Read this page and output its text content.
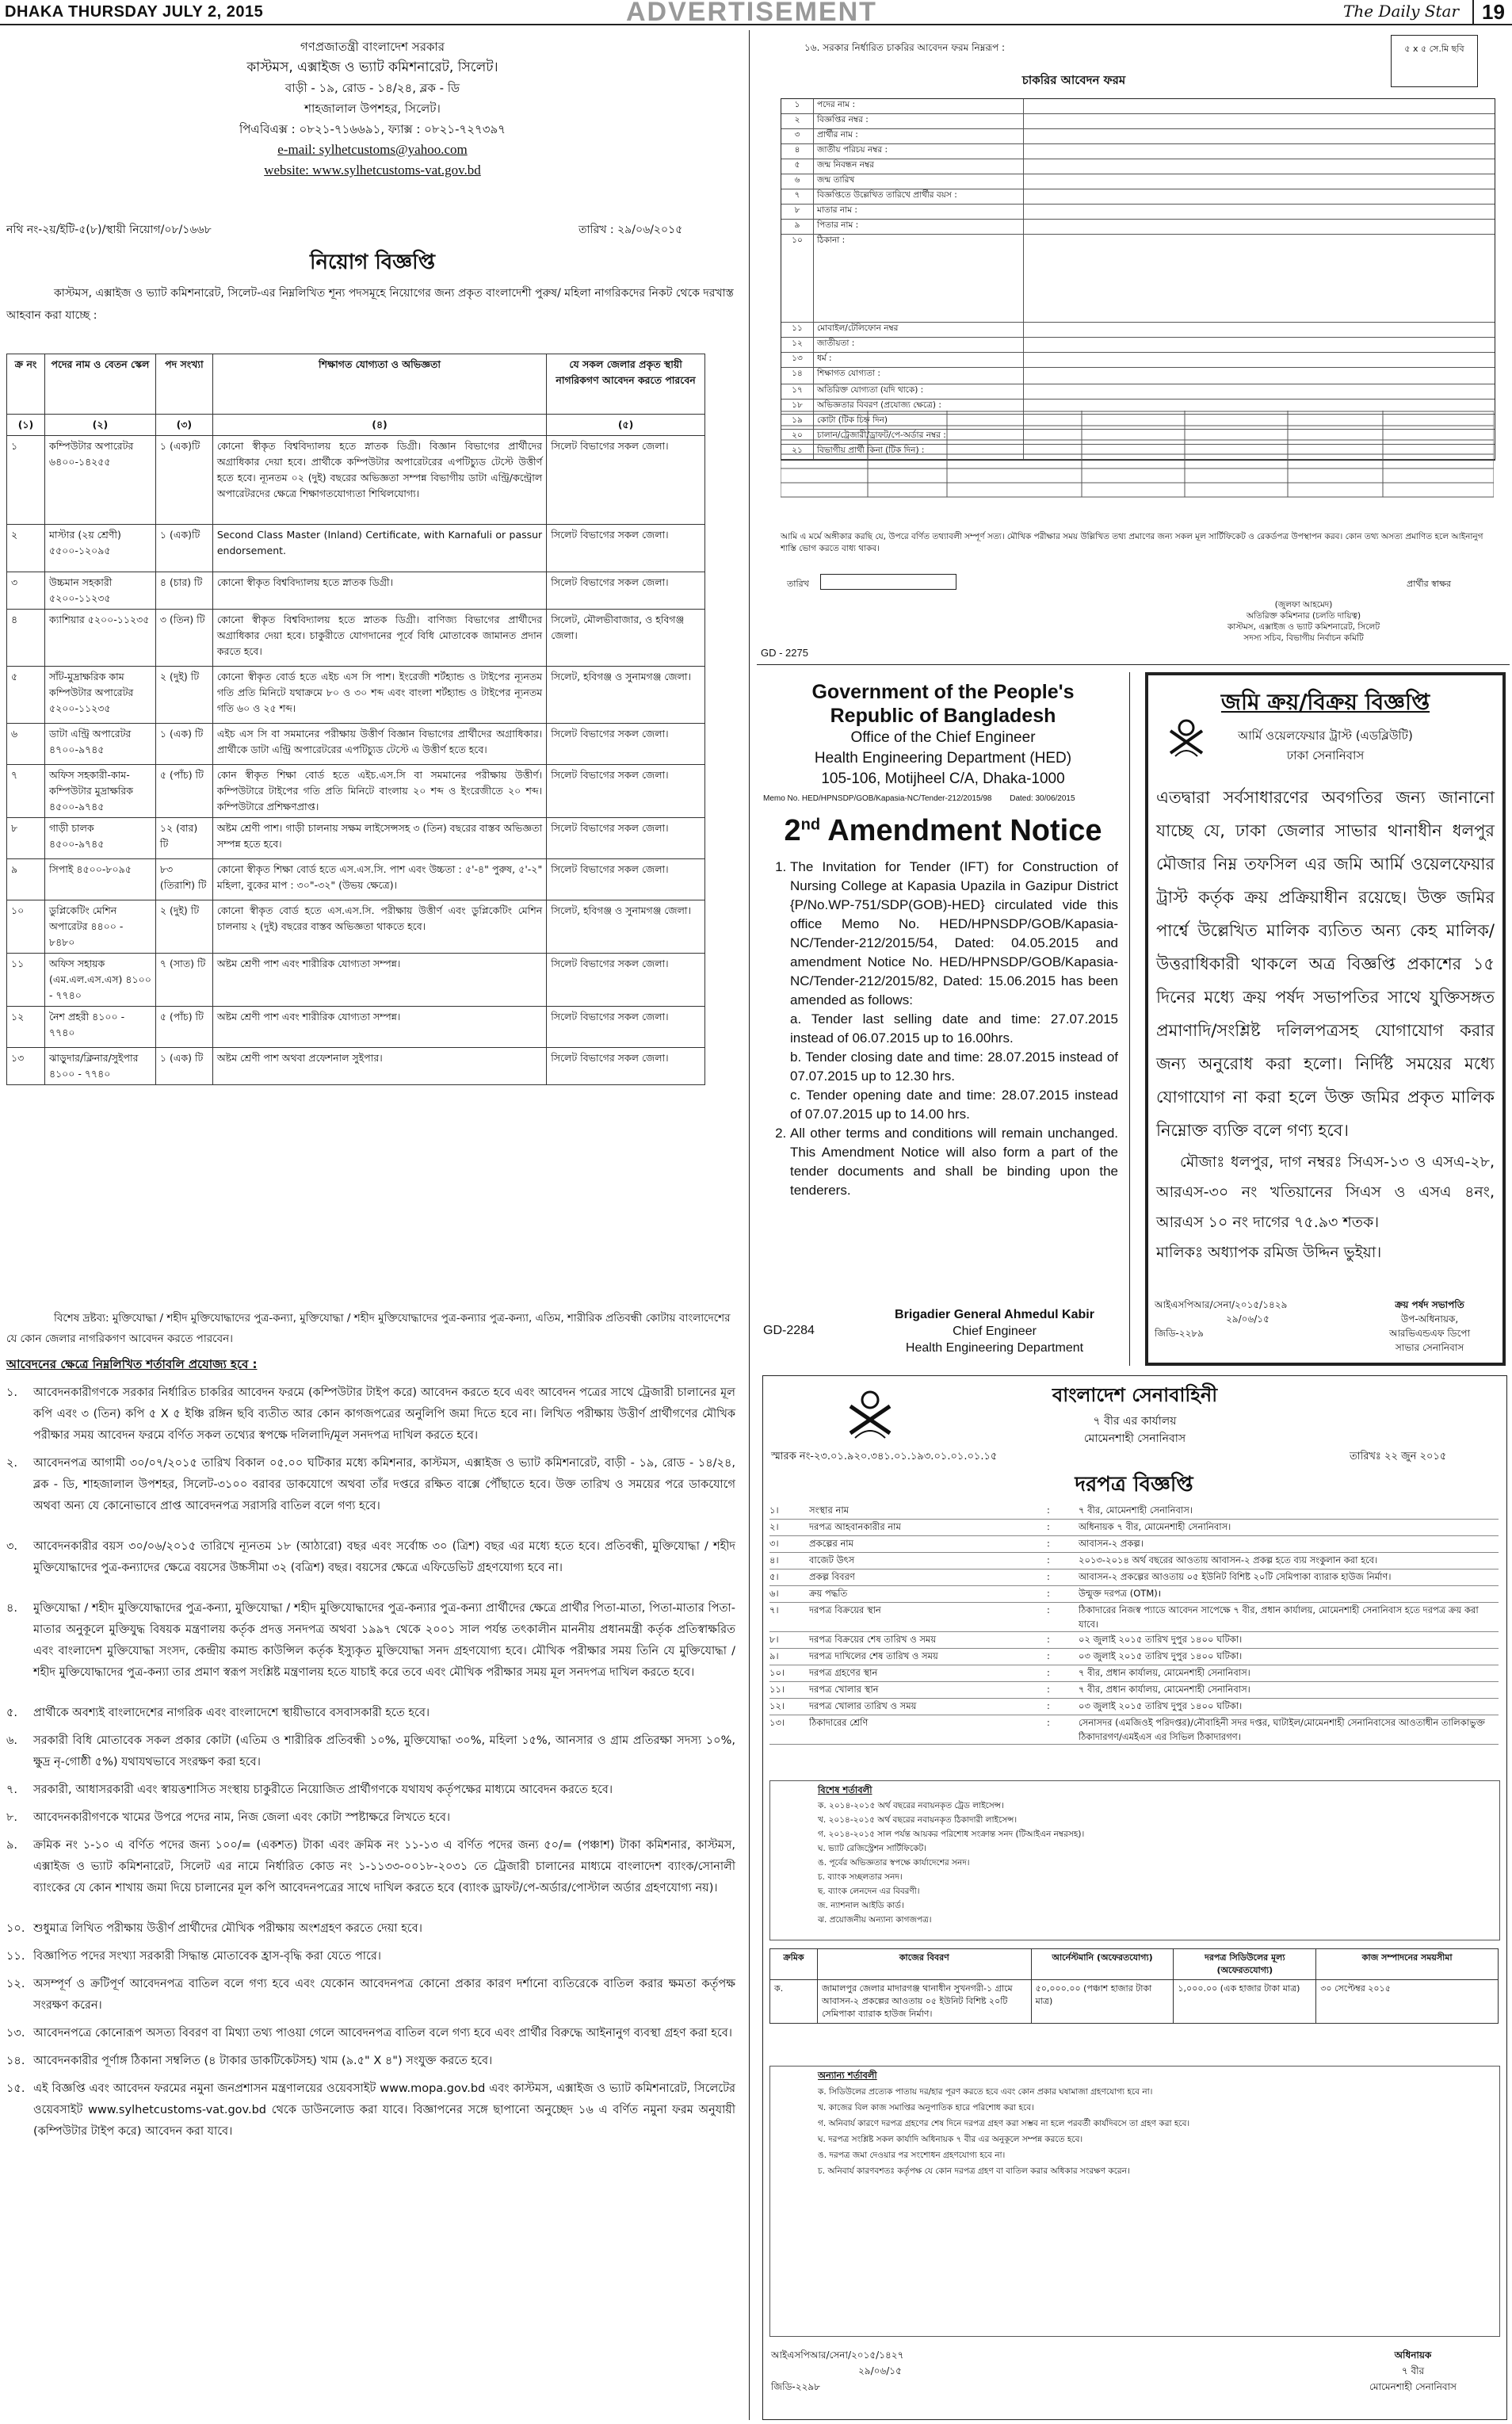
DHAKA THURSDAY JULY 2, 2015	ADVERTISEMENT	The Daily Star	19
গণপ্রজাতন্ত্রী বাংলাদেশ সরকার
কাস্টমস, এক্সাইজ ও ভ্যাট কমিশনারেট, সিলেট।
বাড়ী - ১৯, রোড - ১৪/২৪, ব্লক - ডি
শাহজালাল উপশহর, সিলেট।
পিএবিএক্স : ০৮২১-৭১৬৬৯১, ফ্যাক্স : ০৮২১-৭২৭৩৯৭
e-mail: sylhetcustoms@yahoo.com
website: www.sylhetcustoms-vat.gov.bd
নথি নং-২য়/ইটি-৫(৮)/স্থায়ী নিয়োগ/০৮/১৬৬৮	তারিখ : ২৯/০৬/২০১৫
নিয়োগ বিজ্ঞপ্তি
কাস্টমস, এক্সাইজ ও ভ্যাট কমিশনারেট, সিলেট-এর নিম্নলিখিত শূন্য পদসমূহে নিয়োগের জন্য প্রকৃত বাংলাদেশী পুরুষ/ মহিলা নাগরিকদের নিকট থেকে দরখাস্ত আহবান করা যাচ্ছে :
ক্র নং	পদের নাম ও বেতন স্কেল	পদ সংখ্যা	শিক্ষাগত যোগ্যতা ও অভিজ্ঞতা	যে সকল জেলার প্রকৃত স্থায়ী নাগরিকগণ আবেদন করতে পারবেন
(১)	(২)	(৩)	(৪)	(৫)
১	কম্পিউটার অপারেটর ৬৪০০-১৪২৫৫	১ (এক)টি	কোনো স্বীকৃত বিশ্ববিদ্যালয় হতে স্নাতক ডিগ্রী। বিজ্ঞান বিভাগের প্রার্থীদের অগ্রাধিকার দেয়া হবে। প্রার্থীকে কম্পিউটার অপারেটরের এপটিচ্যুড টেস্টে উত্তীর্ণ হতে হবে। ন্যূনতম ০২ (দুই) বছরের অভিজ্ঞতা সম্পন্ন বিভাগীয় ডাটা এন্ট্রি/কন্ট্রোল অপারেটরদের ক্ষেত্রে শিক্ষাগতযোগ্যতা শিথিলযোগ্য।	সিলেট বিভাগের সকল জেলা।
২	মাস্টার (২য় শ্রেণী) ৫৫০০-১২০৯৫	১ (এক)টি	Second Class Master (Inland) Certificate, with Karnafuli or passur endorsement.	সিলেট বিভাগের সকল জেলা।
৩	উচ্চমান সহকারী ৫২০০-১১২৩৫	৪ (চার) টি	কোনো স্বীকৃত বিশ্ববিদ্যালয় হতে স্নাতক ডিগ্রী।	সিলেট বিভাগের সকল জেলা।
৪	ক্যাশিয়ার ৫২০০-১১২৩৫	৩ (তিন) টি	কোনো স্বীকৃত বিশ্ববিদ্যালয় হতে স্নাতক ডিগ্রী। বাণিজ্য বিভাগের প্রার্থীদের অগ্রাধিকার দেয়া হবে। চাকুরীতে যোগদানের পূর্বে বিধি মোতাবেক জামানত প্রদান করতে হবে।	সিলেট, মৌলভীবাজার, ও হবিগঞ্জ জেলা।
৫	সাঁট-মুদ্রাক্ষরিক কাম কম্পিউটার অপারেটর ৫২০০-১১২৩৫	২ (দুই) টি	কোনো স্বীকৃত বোর্ড হতে এইচ এস সি পাশ। ইংরেজী শর্টহ্যান্ড ও টাইপের ন্যূনতম গতি প্রতি মিনিটে যথাক্রমে ৮০ ও ৩০ শব্দ এবং বাংলা শর্টহ্যান্ড ও টাইপের ন্যূনতম গতি ৬০ ও ২৫ শব্দ।	সিলেট, হবিগঞ্জ ও সুনামগঞ্জ জেলা।
৬	ডাটা এন্ট্রি অপারেটর ৪৭০০-৯৭৪৫	১ (এক) টি	এইচ এস সি বা সমমানের পরীক্ষায় উত্তীর্ণ বিজ্ঞান বিভাগের প্রার্থীদের অগ্রাধিকার। প্রার্থীকে ডাটা এন্ট্রি অপারেটরের এপটিচ্যুড টেস্টে এ উত্তীর্ণ হতে হবে।	সিলেট বিভাগের সকল জেলা।
৭	অফিস সহকারী-কাম-কম্পিউটার মুদ্রাক্ষরিক ৪৫০০-৯৭৪৫	৫ (পাঁচ) টি	কোন স্বীকৃত শিক্ষা বোর্ড হতে এইচ.এস.সি বা সমমানের পরীক্ষায় উত্তীর্ণ। কম্পিউটারে টাইপের গতি প্রতি মিনিটে বাংলায় ২০ শব্দ ও ইংরেজীতে ২০ শব্দ। কম্পিউটারে প্রশিক্ষণপ্রাপ্ত।	সিলেট বিভাগের সকল জেলা।
৮	গাড়ী চালক ৪৫০০-৯৭৪৫	১২ (বার) টি	অষ্টম শ্রেণী পাশ। গাড়ী চালনায় সক্ষম লাইসেন্সসহ ৩ (তিন) বছরের বাস্তব অভিজ্ঞতা সম্পন্ন হতে হবে।	সিলেট বিভাগের সকল জেলা।
৯	সিপাই ৪৫০০-৮০৯৫	৮৩ (তিরাশি) টি	কোনো স্বীকৃত শিক্ষা বোর্ড হতে এস.এস.সি. পাশ এবং উচ্চতা : ৫'-৪" পুরুষ, ৫'-২" মহিলা, বুকের মাপ : ৩০"-৩২" (উভয় ক্ষেত্রে)।	সিলেট বিভাগের সকল জেলা।
১০	ডুপ্লিকেটিং মেশিন অপারেটর ৪৪০০ - ৮৪৮০	২ (দুই) টি	কোনো স্বীকৃত বোর্ড হতে এস.এস.সি. পরীক্ষায় উত্তীর্ণ এবং ডুপ্লিকেটিং মেশিন চালনায় ২ (দুই) বছরের বাস্তব অভিজ্ঞতা থাকতে হবে।	সিলেট, হবিগঞ্জ ও সুনামগঞ্জ জেলা।
১১	অফিস সহায়ক (এম.এল.এস.এস) ৪১০০ - ৭৭৪০	৭ (সাত) টি	অষ্টম শ্রেণী পাশ এবং শারীরিক যোগ্যতা সম্পন্ন।	সিলেট বিভাগের সকল জেলা।
১২	নৈশ প্রহরী ৪১০০ - ৭৭৪০	৫ (পাঁচ) টি	অষ্টম শ্রেণী পাশ এবং শারীরিক যোগ্যতা সম্পন্ন।	সিলেট বিভাগের সকল জেলা।
১৩	ঝাড়ুদার/ক্লিনার/সুইপার ৪১০০ - ৭৭৪০	১ (এক) টি	অষ্টম শ্রেণী পাশ অথবা প্রফেশনাল সুইপার।	সিলেট বিভাগের সকল জেলা।
বিশেষ দ্রষ্টব্য: মুক্তিযোদ্ধা / শহীদ মুক্তিযোদ্ধাদের পুত্র-কন্যা, মুক্তিযোদ্ধা / শহীদ মুক্তিযোদ্ধাদের পুত্র-কন্যার পুত্র-কন্যা, এতিম, শারীরিক প্রতিবন্ধী কোটায় বাংলাদেশের যে কোন জেলার নাগরিকগণ আবেদন করতে পারবেন।
আবেদনের ক্ষেত্রে নিম্নলিখিত শর্তাবলি প্রযোজ্য হবে :
১.	আবেদনকারীগণকে সরকার নির্ধারিত চাকরির আবেদন ফরমে (কম্পিউটার টাইপ করে) আবেদন করতে হবে এবং আবেদন পত্রের সাথে ট্রেজারী চালানের মূল কপি এবং ৩ (তিন) কপি ৫ X ৫ ইঞ্চি রঙ্গিন ছবি ব্যতীত আর কোন কাগজপত্রের অনুলিপি জমা দিতে হবে না। লিখিত পরীক্ষায় উত্তীর্ণ প্রার্থীগণের মৌখিক পরীক্ষার সময় আবেদন ফরমে বর্ণিত সকল তথ্যের স্বপক্ষে দলিলাদি/মূল সনদপত্র দাখিল করতে হবে।
২.	আবেদনপত্র আগামী ৩০/০৭/২০১৫ তারিখ বিকাল ০৫.০০ ঘটিকার মধ্যে কমিশনার, কাস্টমস, এক্সাইজ ও ভ্যাট কমিশনারেট, বাড়ী - ১৯, রোড - ১৪/২৪, ব্লক - ডি, শাহজালাল উপশহর, সিলেট-৩১০০ বরাবর ডাকযোগে অথবা তাঁর দপ্তরে রক্ষিত বাক্সে পৌঁছাতে হবে। উক্ত তারিখ ও সময়ের পরে ডাকযোগে অথবা অন্য যে কোনোভাবে প্রাপ্ত আবেদনপত্র সরাসরি বাতিল বলে গণ্য হবে।
৩.	আবেদনকারীর বয়স ৩০/০৬/২০১৫ তারিখে ন্যূনতম ১৮ (আঠারো) বছর এবং সর্বোচ্চ ৩০ (ত্রিশ) বছর এর মধ্যে হতে হবে। প্রতিবন্ধী, মুক্তিযোদ্ধা / শহীদ মুক্তিযোদ্ধাদের পুত্র-কন্যাদের ক্ষেত্রে বয়সের উচ্চসীমা ৩২ (বত্রিশ) বছর। বয়সের ক্ষেত্রে এফিডেভিট গ্রহণযোগ্য হবে না।
৪.	মুক্তিযোদ্ধা / শহীদ মুক্তিযোদ্ধাদের পুত্র-কন্যা, মুক্তিযোদ্ধা / শহীদ মুক্তিযোদ্ধাদের পুত্র-কন্যার পুত্র-কন্যা প্রার্থীদের ক্ষেত্রে প্রার্থীর পিতা-মাতা, পিতা-মাতার পিতা-মাতার অনুকূলে মুক্তিযুদ্ধ বিষয়ক মন্ত্রণালয় কর্তৃক প্রদত্ত সনদপত্র অথবা ১৯৯৭ থেকে ২০০১ সাল পর্যন্ত তৎকালীন মাননীয় প্রধানমন্ত্রী কর্তৃক প্রতিস্বাক্ষরিত এবং বাংলাদেশ মুক্তিযোদ্ধা সংসদ, কেন্দ্রীয় কমান্ড কাউন্সিল কর্তৃক ইস্যুকৃত মুক্তিযোদ্ধা সনদ গ্রহণযোগ্য হবে। মৌখিক পরীক্ষার সময় তিনি যে মুক্তিযোদ্ধা / শহীদ মুক্তিযোদ্ধাদের পুত্র-কন্যা তার প্রমাণ স্বরূপ সংশ্লিষ্ট মন্ত্রণালয় হতে যাচাই করে তবে এবং মৌখিক পরীক্ষার সময় মূল সনদপত্র দাখিল করতে হবে।
৫.	প্রার্থীকে অবশ্যই বাংলাদেশের নাগরিক এবং বাংলাদেশে স্থায়ীভাবে বসবাসকারী হতে হবে।
৬.	সরকারী বিধি মোতাবেক সকল প্রকার কোটা (এতিম ও শারীরিক প্রতিবন্ধী ১০%, মুক্তিযোদ্ধা ৩০%, মহিলা ১৫%, আনসার ও গ্রাম প্রতিরক্ষা সদস্য ১০%, ক্ষুদ্র নৃ-গোষ্ঠী ৫%) যথাযথভাবে সংরক্ষণ করা হবে।
৭.	সরকারী, আধাসরকারী এবং স্বায়ত্তশাসিত সংস্থায় চাকুরীতে নিয়োজিত প্রার্থীগণকে যথাযথ কর্তৃপক্ষের মাধ্যমে আবেদন করতে হবে।
৮.	আবেদনকারীগণকে খামের উপরে পদের নাম, নিজ জেলা এবং কোটা স্পষ্টাক্ষরে লিখতে হবে।
৯.	ক্রমিক নং ১-১০ এ বর্ণিত পদের জন্য ১০০/= (একশত) টাকা এবং ক্রমিক নং ১১-১৩ এ বর্ণিত পদের জন্য ৫০/= (পঞ্চাশ) টাকা কমিশনার, কাস্টমস, এক্সাইজ ও ভ্যাট কমিশনারেট, সিলেট এর নামে নির্ধারিত কোড নং ১-১১৩৩-০০১৮-২০৩১ তে ট্রেজারী চালানের মাধ্যমে বাংলাদেশ ব্যাংক/সোনালী ব্যাংকের যে কোন শাখায় জমা দিয়ে চালানের মূল কপি আবেদনপত্রের সাথে দাখিল করতে হবে (ব্যাংক ড্রাফট/পে-অর্ডার/পোস্টাল অর্ডার গ্রহণযোগ্য নয়)।
১০. শুধুমাত্র লিখিত পরীক্ষায় উত্তীর্ণ প্রার্থীদের মৌখিক পরীক্ষায় অংশগ্রহণ করতে দেয়া হবে।
১১. বিজ্ঞাপিত পদের সংখ্যা সরকারী সিদ্ধান্ত মোতাবেক হ্রাস-বৃদ্ধি করা যেতে পারে।
১২. অসম্পূর্ণ ও ক্রটিপূর্ণ আবেদনপত্র বাতিল বলে গণ্য হবে এবং যেকোন আবেদনপত্র কোনো প্রকার কারণ দর্শানো ব্যতিরেকে বাতিল করার ক্ষমতা কর্তৃপক্ষ সংরক্ষণ করেন।
১৩. আবেদনপত্রে কোনোরূপ অসত্য বিবরণ বা মিথ্যা তথ্য পাওয়া গেলে আবেদনপত্র বাতিল বলে গণ্য হবে এবং প্রার্থীর বিরুদ্ধে আইনানুগ ব্যবস্থা গ্রহণ করা হবে।
১৪. আবেদনকারীর পূর্ণাঙ্গ ঠিকানা সম্বলিত (৪ টাকার ডাকটিকেটসহ) খাম (৯.৫" X ৪") সংযুক্ত করতে হবে।
১৫. এই বিজ্ঞপ্তি এবং আবেদন ফরমের নমুনা জনপ্রশাসন মন্ত্রণালয়ের ওয়েবসাইট www.mopa.gov.bd এবং কাস্টমস, এক্সাইজ ও ভ্যাট কমিশনারেট, সিলেটের ওয়েবসাইট www.sylhetcustoms-vat.gov.bd থেকে ডাউনলোড করা যাবে। বিজ্ঞাপনের সঙ্গে ছাপানো অনুচ্ছেদ ১৬ এ বর্ণিত নমুনা ফরম অনুযায়ী (কম্পিউটার টাইপ করে) আবেদন করা যাবে।
১৬. সরকার নির্ধারিত চাকরির আবেদন ফরম নিম্নরূপ :	৫ x ৫ সে.মি ছবি
চাকরির আবেদন ফরম
১	পদের নাম :
২	বিজ্ঞপ্তির নম্বর :
৩	প্রার্থীর নাম :
৪	জাতীয় পরিচয় নম্বর :
৫	জন্ম নিবন্ধন নম্বর
৬	জন্ম তারিখ
৭	বিজ্ঞপ্তিতে উল্লেখিত তারিখে প্রার্থীর বয়স :
৮	মাতার নাম :
৯	পিতার নাম :
১০	ঠিকানা :
১১	মোবাইল/টেলিফোন নম্বর
১২	জাতীয়তা :
১৩	ধর্ম :
১৪	শিক্ষাগত যোগ্যতা :
১৭	অতিরিক্ত যোগ্যতা (যদি থাকে) :
১৮	অভিজ্ঞতার বিবরণ (প্রযোজ্য ক্ষেত্রে) :
১৯	কোটা (টিক চিহ্ন দিন)
২০	চালান/ট্রেজারী/ড্রাফট/পে-অর্ডার নম্বর :
২১	বিভাগীয় প্রার্থী কিনা (টিক দিন) :
আমি এ মর্মে অঙ্গীকার করছি যে, উপরে বর্ণিত তথ্যাবলী সম্পূর্ণ সত্য। মৌখিক পরীক্ষার সময় উল্লিখিত তথ্য প্রমাণের জন্য সকল মূল সার্টিফিকেট ও রেকর্ডপত্র উপস্থাপন করব। কোন তথ্য অসত্য প্রমাণিত হলে আইনানুগ শাস্তি ভোগ করতে বাধ্য থাকব।
তারিখ	প্রার্থীর স্বাক্ষর
(জুলফা আহমেদ)
অতিরিক্ত কমিশনার (চলতি দায়িত্ব)
কাস্টমস, এক্সাইজ ও ভ্যাট কমিশনারেট, সিলেট
সদস্য সচিব, বিভাগীয় নির্বাচন কমিটি
GD - 2275
Government of the People's
Republic of Bangladesh
Office of the Chief Engineer
Health Engineering Department (HED)
105-106, Motijheel C/A, Dhaka-1000
Memo No. HED/HPNSDP/GOB/Kapasia-NC/Tender-212/2015/98 Dated: 30/06/2015
2nd Amendment Notice
1. The Invitation for Tender (IFT) for Construction of Nursing College at Kapasia Upazila in Gazipur District {P/No.WP-751/SDP(GOB)-HED} circulated vide this office Memo No. HED/HPNSDP/GOB/Kapasia-NC/Tender-212/2015/54, Dated: 04.05.2015 and amendment Notice No. HED/HPNSDP/GOB/Kapasia-NC/Tender-212/2015/82, Dated: 15.06.2015 has been amended as follows:
a. Tender last selling date and time: 27.07.2015 instead of 06.07.2015 up to 16.00hrs.
b. Tender closing date and time: 28.07.2015 instead of 07.07.2015 up to 12.30 hrs.
c. Tender opening date and time: 28.07.2015 instead of 07.07.2015 up to 14.00 hrs.
2. All other terms and conditions will remain unchanged. This Amendment Notice will also form a part of the tender documents and shall be binding upon the tenderers.
Brigadier General Ahmedul Kabir
Chief Engineer
Health Engineering Department
GD-2284
জমি ক্রয়/বিক্রয় বিজ্ঞপ্তি
আর্মি ওয়েলফেয়ার ট্রাস্ট (এডব্লিউটি)
ঢাকা সেনানিবাস
এতদ্বারা সর্বসাধারণের অবগতির জন্য জানানো যাচ্ছে যে, ঢাকা জেলার সাভার থানাধীন ধলপুর মৌজার নিম্ন তফসিল এর জমি আর্মি ওয়েলফেয়ার ট্রাস্ট কর্তৃক ক্রয় প্রক্রিয়াধীন রয়েছে। উক্ত জমির পার্শ্বে উল্লেখিত মালিক ব্যতিত অন্য কেহ মালিক/উত্তরাধিকারী থাকলে অত্র বিজ্ঞপ্তি প্রকাশের ১৫ দিনের মধ্যে ক্রয় পর্ষদ সভাপতির সাথে যুক্তিসঙ্গত প্রমাণাদি/সংশ্লিষ্ট দলিলপত্রসহ যোগাযোগ করার জন্য অনুরোধ করা হলো। নির্দিষ্ট সময়ের মধ্যে যোগাযোগ না করা হলে উক্ত জমির প্রকৃত মালিক নিম্নোক্ত ব্যক্তি বলে গণ্য হবে।
মৌজাঃ ধলপুর, দাগ নম্বরঃ সিএস-১৩ ও এসএ-২৮, আরএস-৩০ নং খতিয়ানের সিএস ও এসএ ৪নং, আরএস ১০ নং দাগের ৭৫.৯৩ শতক।
মালিকঃ অধ্যাপক রমিজ উদ্দিন ভুইয়া।
আইএসপিআর/সেনা/২০১৫/১৪২৯
২৯/০৬/১৫
জিডি-২২৮৯
ক্রয় পর্ষদ সভাপতি
উপ-অধিনায়ক,
আরভিএন্ডএফ ডিপো
সাভার সেনানিবাস
বাংলাদেশ সেনাবাহিনী
৭ বীর এর কার্যালয়
মোমেনশাহী সেনানিবাস
স্মারক নং-২৩.০১.৯২০.৩৪১.০১.১৯৩.০১.০১.০১.১৫	তারিখঃ ২২ জুন ২০১৫
দরপত্র বিজ্ঞপ্তি
১।	সংস্থার নাম	:	৭ বীর, মোমেনশাহী সেনানিবাস।
২।	দরপত্র আহবানকারীর নাম	:	অধিনায়ক ৭ বীর, মোমেনশাহী সেনানিবাস।
৩।	প্রকল্পের নাম	:	আবাসন-২ প্রকল্প।
৪।	বাজেট উৎস	:	২০১৩-২০১৪ অর্থ বছরের আওতায় আবাসন-২ প্রকল্প হতে ব্যয় সংকুলান করা হবে।
৫।	প্রকল্প বিবরণ	:	আবাসন-২ প্রকল্পের আওতায় ০৫ ইউনিট বিশিষ্ট ২০টি সেমিপাকা ব্যারাক হাউজ নির্মাণ।
৬।	ক্রয় পদ্ধতি	:	উন্মুক্ত দরপত্র (OTM)।
৭।	দরপত্র বিক্রয়ের স্থান	:	ঠিকাদারের নিজস্ব প্যাডে আবেদন সাপেক্ষে ৭ বীর, প্রধান কার্যালয়, মোমেনশাহী সেনানিবাস হতে দরপত্র ক্রয় করা যাবে।
৮।	দরপত্র বিক্রয়ের শেষ তারিখ ও সময়	:	০২ জুলাই ২০১৫ তারিখ দুপুর ১৪০০ ঘটিকা।
৯।	দরপত্র দাখিলের শেষ তারিখ ও সময়	:	০৩ জুলাই ২০১৫ তারিখ দুপুর ১৪০০ ঘটিকা।
১০।	দরপত্র গ্রহণের স্থান	:	৭ বীর, প্রধান কার্যালয়, মোমেনশাহী সেনানিবাস।
১১।	দরপত্র খোলার স্থান	:	৭ বীর, প্রধান কার্যালয়, মোমেনশাহী সেনানিবাস।
১২।	দরপত্র খোলার তারিখ ও সময়	:	০৩ জুলাই ২০১৫ তারিখ দুপুর ১৪০০ ঘটিকা।
১৩।	ঠিকাদারের শ্রেণি	:	সেনাসদর (এমজিওই পরিদপ্তর)/নৌবাহিনী সদর দপ্তর, ঘাটাইল/মোমেনশাহী সেনানিবাসের আওতাধীন তালিকাভুক্ত ঠিকাদারগণ/এমইএস এর সিভিল ঠিকাদারগণ।
বিশেষ শর্তাবলী
ক. ২০১৪-২০১৫ অর্থ বছরের নবায়নকৃত ট্রেড লাইসেন্স।
খ. ২০১৪-২০১৫ অর্থ বছরের নবায়নকৃত ঠিকাদারী লাইসেন্স।
গ. ২০১৪-২০১৫ সাল পর্যন্ত আয়কর পরিশোধ সংক্রান্ত সনদ (টিআইএন নম্বরসহ)।
ঘ. ভ্যাট রেজিস্ট্রেশন সার্টিফিকেট।
ঙ. পূর্বের অভিজ্ঞতার স্বপক্ষে কার্যাদেশের সনদ।
চ. ব্যাংক সচ্ছলতার সনদ।
ছ. ব্যাংক লেনদেন এর বিবরণী।
জ. ন্যাশনাল আইডি কার্ড।
ঝ. প্রয়োজনীয় অন্যান্য কাগজপত্র।
ক্রমিক	কাজের বিবরণ	আর্নেস্টমানি (অফেরতযোগ্য)	দরপত্র সিডিউলের মূল্য (অফেরতযোগ্য)	কাজ সম্পাদনের সময়সীমা
ক.	জামালপুর জেলার মাদারগঞ্জ থানাধীন সুখনগরী-১ গ্রামে আবাসন-২ প্রকল্পের আওতায় ০৫ ইউনিট বিশিষ্ট ২০টি সেমিপাকা ব্যারাক হাউজ নির্মাণ।	৫০,০০০.০০ (পঞ্চাশ হাজার টাকা মাত্র)	১,০০০.০০ (এক হাজার টাকা মাত্র)	৩০ সেপ্টেম্বর ২০১৫
অন্যান্য শর্তাবলী
ক. সিডিউলের প্রত্যেক পাতায় দর/হার পূরণ করতে হবে এবং কোন প্রকার ঘষামাজা গ্রহণযোগ্য হবে না।
খ. কাজের বিল কাজ সমাপ্তির অনুপাতিক হারে পরিশোধ করা হবে।
গ. অনিবার্য কারণে দরপত্র গ্রহণের শেষ দিনে দরপত্র গ্রহণ করা সম্ভব না হলে পরবর্তী কার্যদিবসে তা গ্রহণ করা হবে।
ঘ. দরপত্র সংশ্লিষ্ট সকল কার্যাদি অধিনায়ক ৭ বীর এর অনুকূলে সম্পন্ন করতে হবে।
ঙ. দরপত্র জমা দেওয়ার পর সংশোধন গ্রহণযোগ্য হবে না।
চ. অনিবার্য কারণবশতঃ কর্তৃপক্ষ যে কোন দরপত্র গ্রহণ বা বাতিল করার অধিকার সংরক্ষণ করেন।
আইএসপিআর/সেনা/২০১৫/১৪২৭
২৯/০৬/১৫
জিডি-২২৯৮
অধিনায়ক
৭ বীর
মোমেনশাহী সেনানিবাস
